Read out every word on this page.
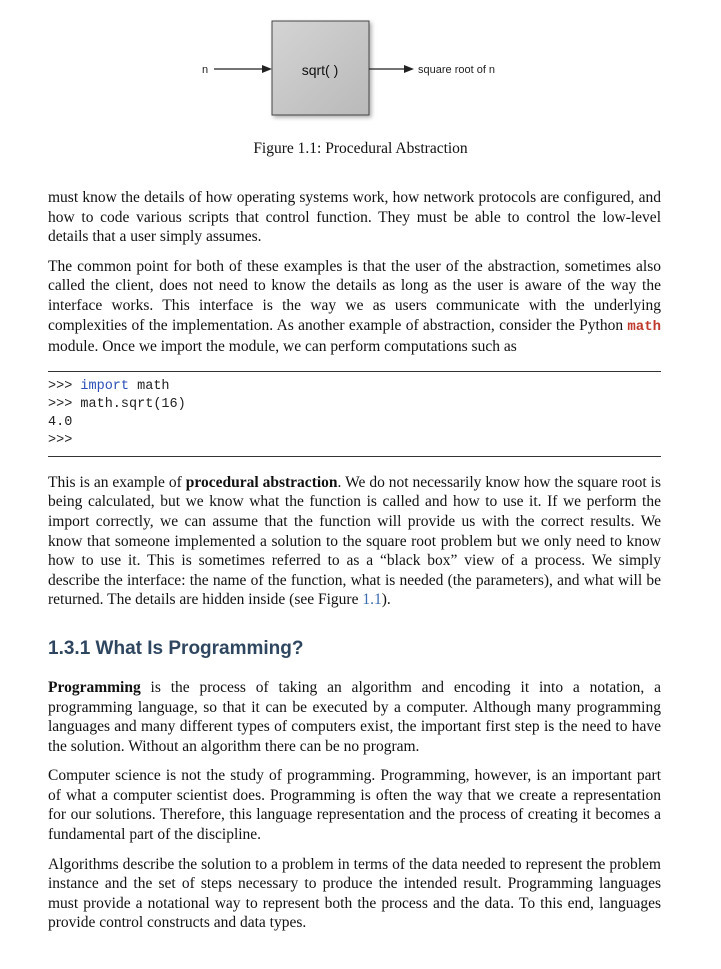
n	sqrt( )	square root of n
Figure 1.1: Procedural Abstraction

must know the details of how operating systems work, how network protocols are configured, and how to code various scripts that control function. They must be able to control the low-level details that a user simply assumes.

The common point for both of these examples is that the user of the abstraction, sometimes also called the client, does not need to know the details as long as the user is aware of the way the interface works. This interface is the way we as users communicate with the underlying complexities of the implementation. As another example of abstraction, consider the Python math module. Once we import the module, we can perform computations such as

>>> import math
>>> math.sqrt(16)
4.0
>>>

This is an example of procedural abstraction. We do not necessarily know how the square root is being calculated, but we know what the function is called and how to use it. If we perform the import correctly, we can assume that the function will provide us with the correct results. We know that someone implemented a solution to the square root problem but we only need to know how to use it. This is sometimes referred to as a “black box” view of a process. We simply describe the interface: the name of the function, what is needed (the parameters), and what will be returned. The details are hidden inside (see Figure 1.1).

1.3.1 What Is Programming?

Programming is the process of taking an algorithm and encoding it into a notation, a programming language, so that it can be executed by a computer. Although many programming languages and many different types of computers exist, the important first step is the need to have the solution. Without an algorithm there can be no program.

Computer science is not the study of programming. Programming, however, is an important part of what a computer scientist does. Programming is often the way that we create a representation for our solutions. Therefore, this language representation and the process of creating it becomes a fundamental part of the discipline.

Algorithms describe the solution to a problem in terms of the data needed to represent the problem instance and the set of steps necessary to produce the intended result. Programming languages must provide a notational way to represent both the process and the data. To this end, languages provide control constructs and data types.
